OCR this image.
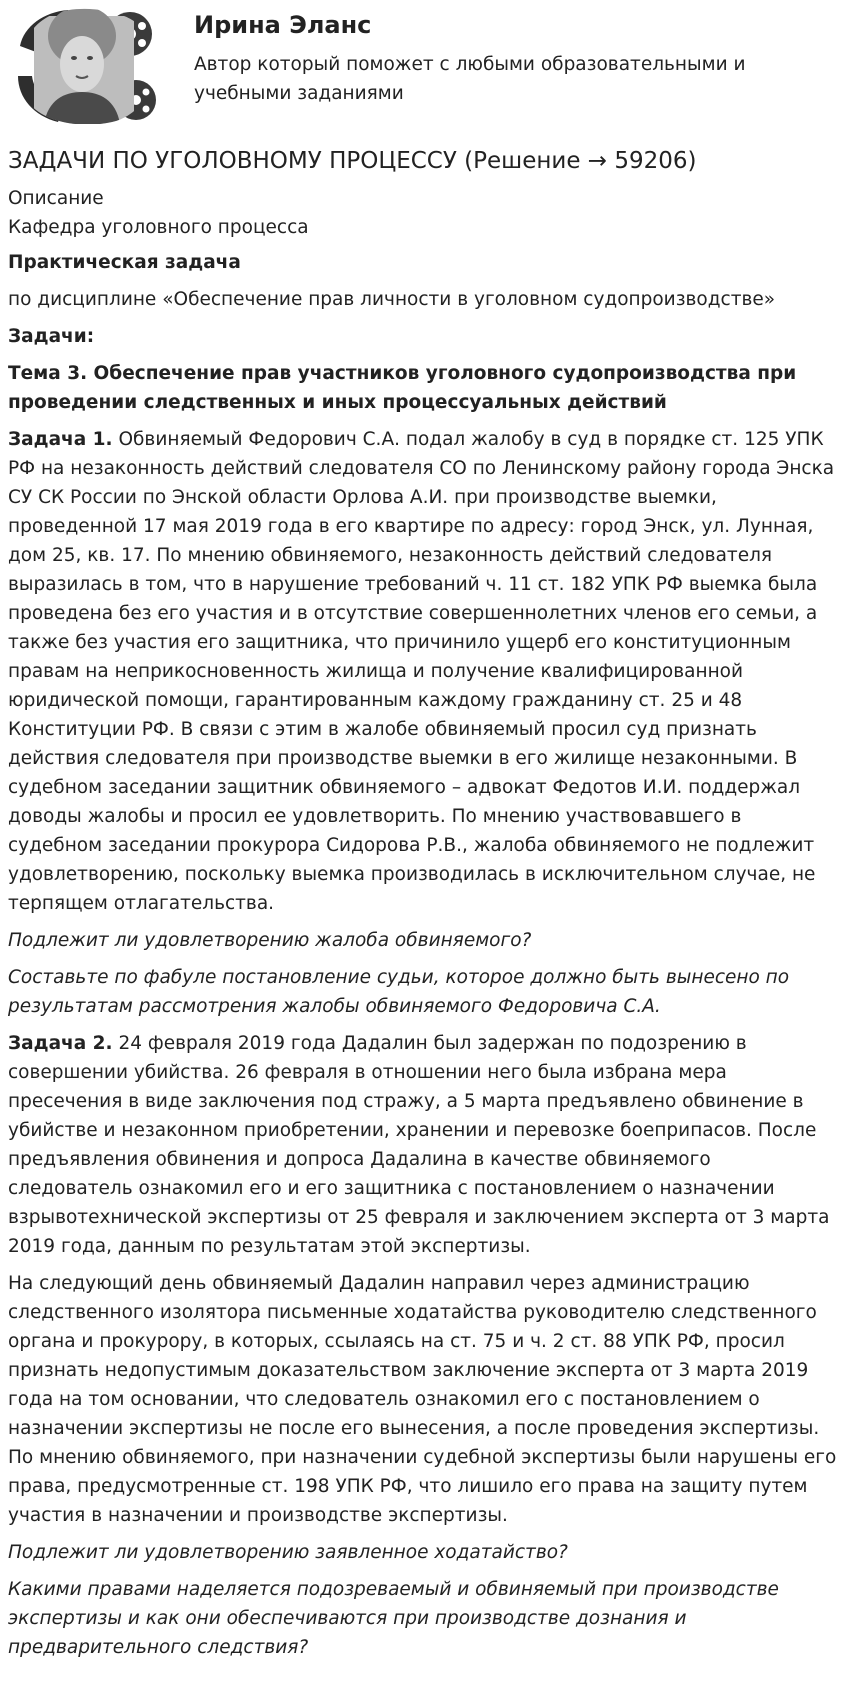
Ирина Эланс

Автор который поможет с любыми образовательными и учебными заданиями

ЗАДАЧИ ПО УГОЛОВНОМУ ПРОЦЕССУ (Решение → 59206)

Описание

Кафедра уголовного процесса

Практическая задача

по дисциплине «Обеспечение прав личности в уголовном судопроизводстве»

Задачи:

Тема 3. Обеспечение прав участников уголовного судопроизводства при проведении следственных и иных процессуальных действий

Задача 1. Обвиняемый Федорович С.А. подал жалобу в суд в порядке ст. 125 УПК РФ на незаконность действий следователя СО по Ленинскому району города Энска СУ СК России по Энской области Орлова А.И. при производстве выемки, проведенной 17 мая 2019 года в его квартире по адресу: город Энск, ул. Лунная, дом 25, кв. 17. По мнению обвиняемого, незаконность действий следователя выразилась в том, что в нарушение требований ч. 11 ст. 182 УПК РФ выемка была проведена без его участия и в отсутствие совершеннолетних членов его семьи, а также без участия его защитника, что причинило ущерб его конституционным правам на неприкосновенность жилища и получение квалифицированной юридической помощи, гарантированным каждому гражданину ст. 25 и 48 Конституции РФ. В связи с этим в жалобе обвиняемый просил суд признать действия следователя при производстве выемки в его жилище незаконными. В судебном заседании защитник обвиняемого – адвокат Федотов И.И. поддержал доводы жалобы и просил ее удовлетворить. По мнению участвовавшего в судебном заседании прокурора Сидорова Р.В., жалоба обвиняемого не подлежит удовлетворению, поскольку выемка производилась в исключительном случае, не терпящем отлагательства.

Подлежит ли удовлетворению жалоба обвиняемого?

Составьте по фабуле постановление судьи, которое должно быть вынесено по результатам рассмотрения жалобы обвиняемого Федоровича С.А.

Задача 2. 24 февраля 2019 года Дадалин был задержан по подозрению в совершении убийства. 26 февраля в отношении него была избрана мера пресечения в виде заключения под стражу, а 5 марта предъявлено обвинение в убийстве и незаконном приобретении, хранении и перевозке боеприпасов. После предъявления обвинения и допроса Дадалина в качестве обвиняемого следователь ознакомил его и его защитника с постановлением о назначении взрывотехнической экспертизы от 25 февраля и заключением эксперта от 3 марта 2019 года, данным по результатам этой экспертизы.

На следующий день обвиняемый Дадалин направил через администрацию следственного изолятора письменные ходатайства руководителю следственного органа и прокурору, в которых, ссылаясь на ст. 75 и ч. 2 ст. 88 УПК РФ, просил признать недопустимым доказательством заключение эксперта от 3 марта 2019 года на том основании, что следователь ознакомил его с постановлением о назначении экспертизы не после его вынесения, а после проведения экспертизы. По мнению обвиняемого, при назначении судебной экспертизы были нарушены его права, предусмотренные ст. 198 УПК РФ, что лишило его права на защиту путем участия в назначении и производстве экспертизы.

Подлежит ли удовлетворению заявленное ходатайство?

Какими правами наделяется подозреваемый и обвиняемый при производстве экспертизы и как они обеспечиваются при производстве дознания и предварительного следствия?
